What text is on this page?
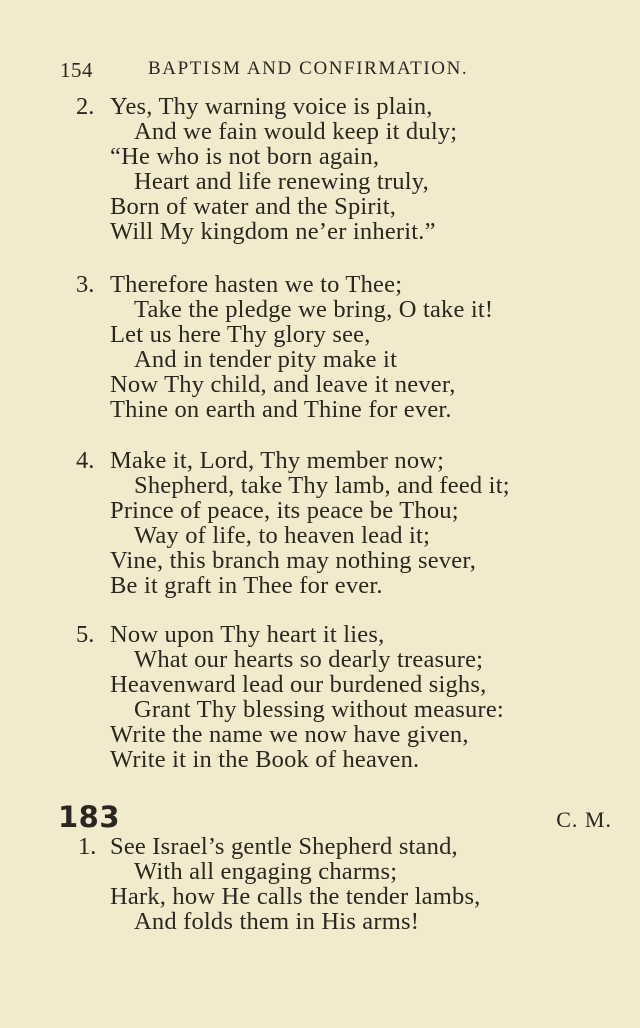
154	BAPTISM AND CONFIRMATION.
2. Yes, Thy warning voice is plain,
And we fain would keep it duly;
“He who is not born again,
Heart and life renewing truly,
Born of water and the Spirit,
Will My kingdom ne’er inherit.”
3. Therefore hasten we to Thee;
Take the pledge we bring, O take it!
Let us here Thy glory see,
And in tender pity make it
Now Thy child, and leave it never,
Thine on earth and Thine for ever.
4. Make it, Lord, Thy member now;
Shepherd, take Thy lamb, and feed it;
Prince of peace, its peace be Thou;
Way of life, to heaven lead it;
Vine, this branch may nothing sever,
Be it graft in Thee for ever.
5. Now upon Thy heart it lies,
What our hearts so dearly treasure;
Heavenward lead our burdened sighs,
Grant Thy blessing without measure:
Write the name we now have given,
Write it in the Book of heaven.
183	C. M.
1. See Israel’s gentle Shepherd stand,
With all engaging charms;
Hark, how He calls the tender lambs,
And folds them in His arms!
